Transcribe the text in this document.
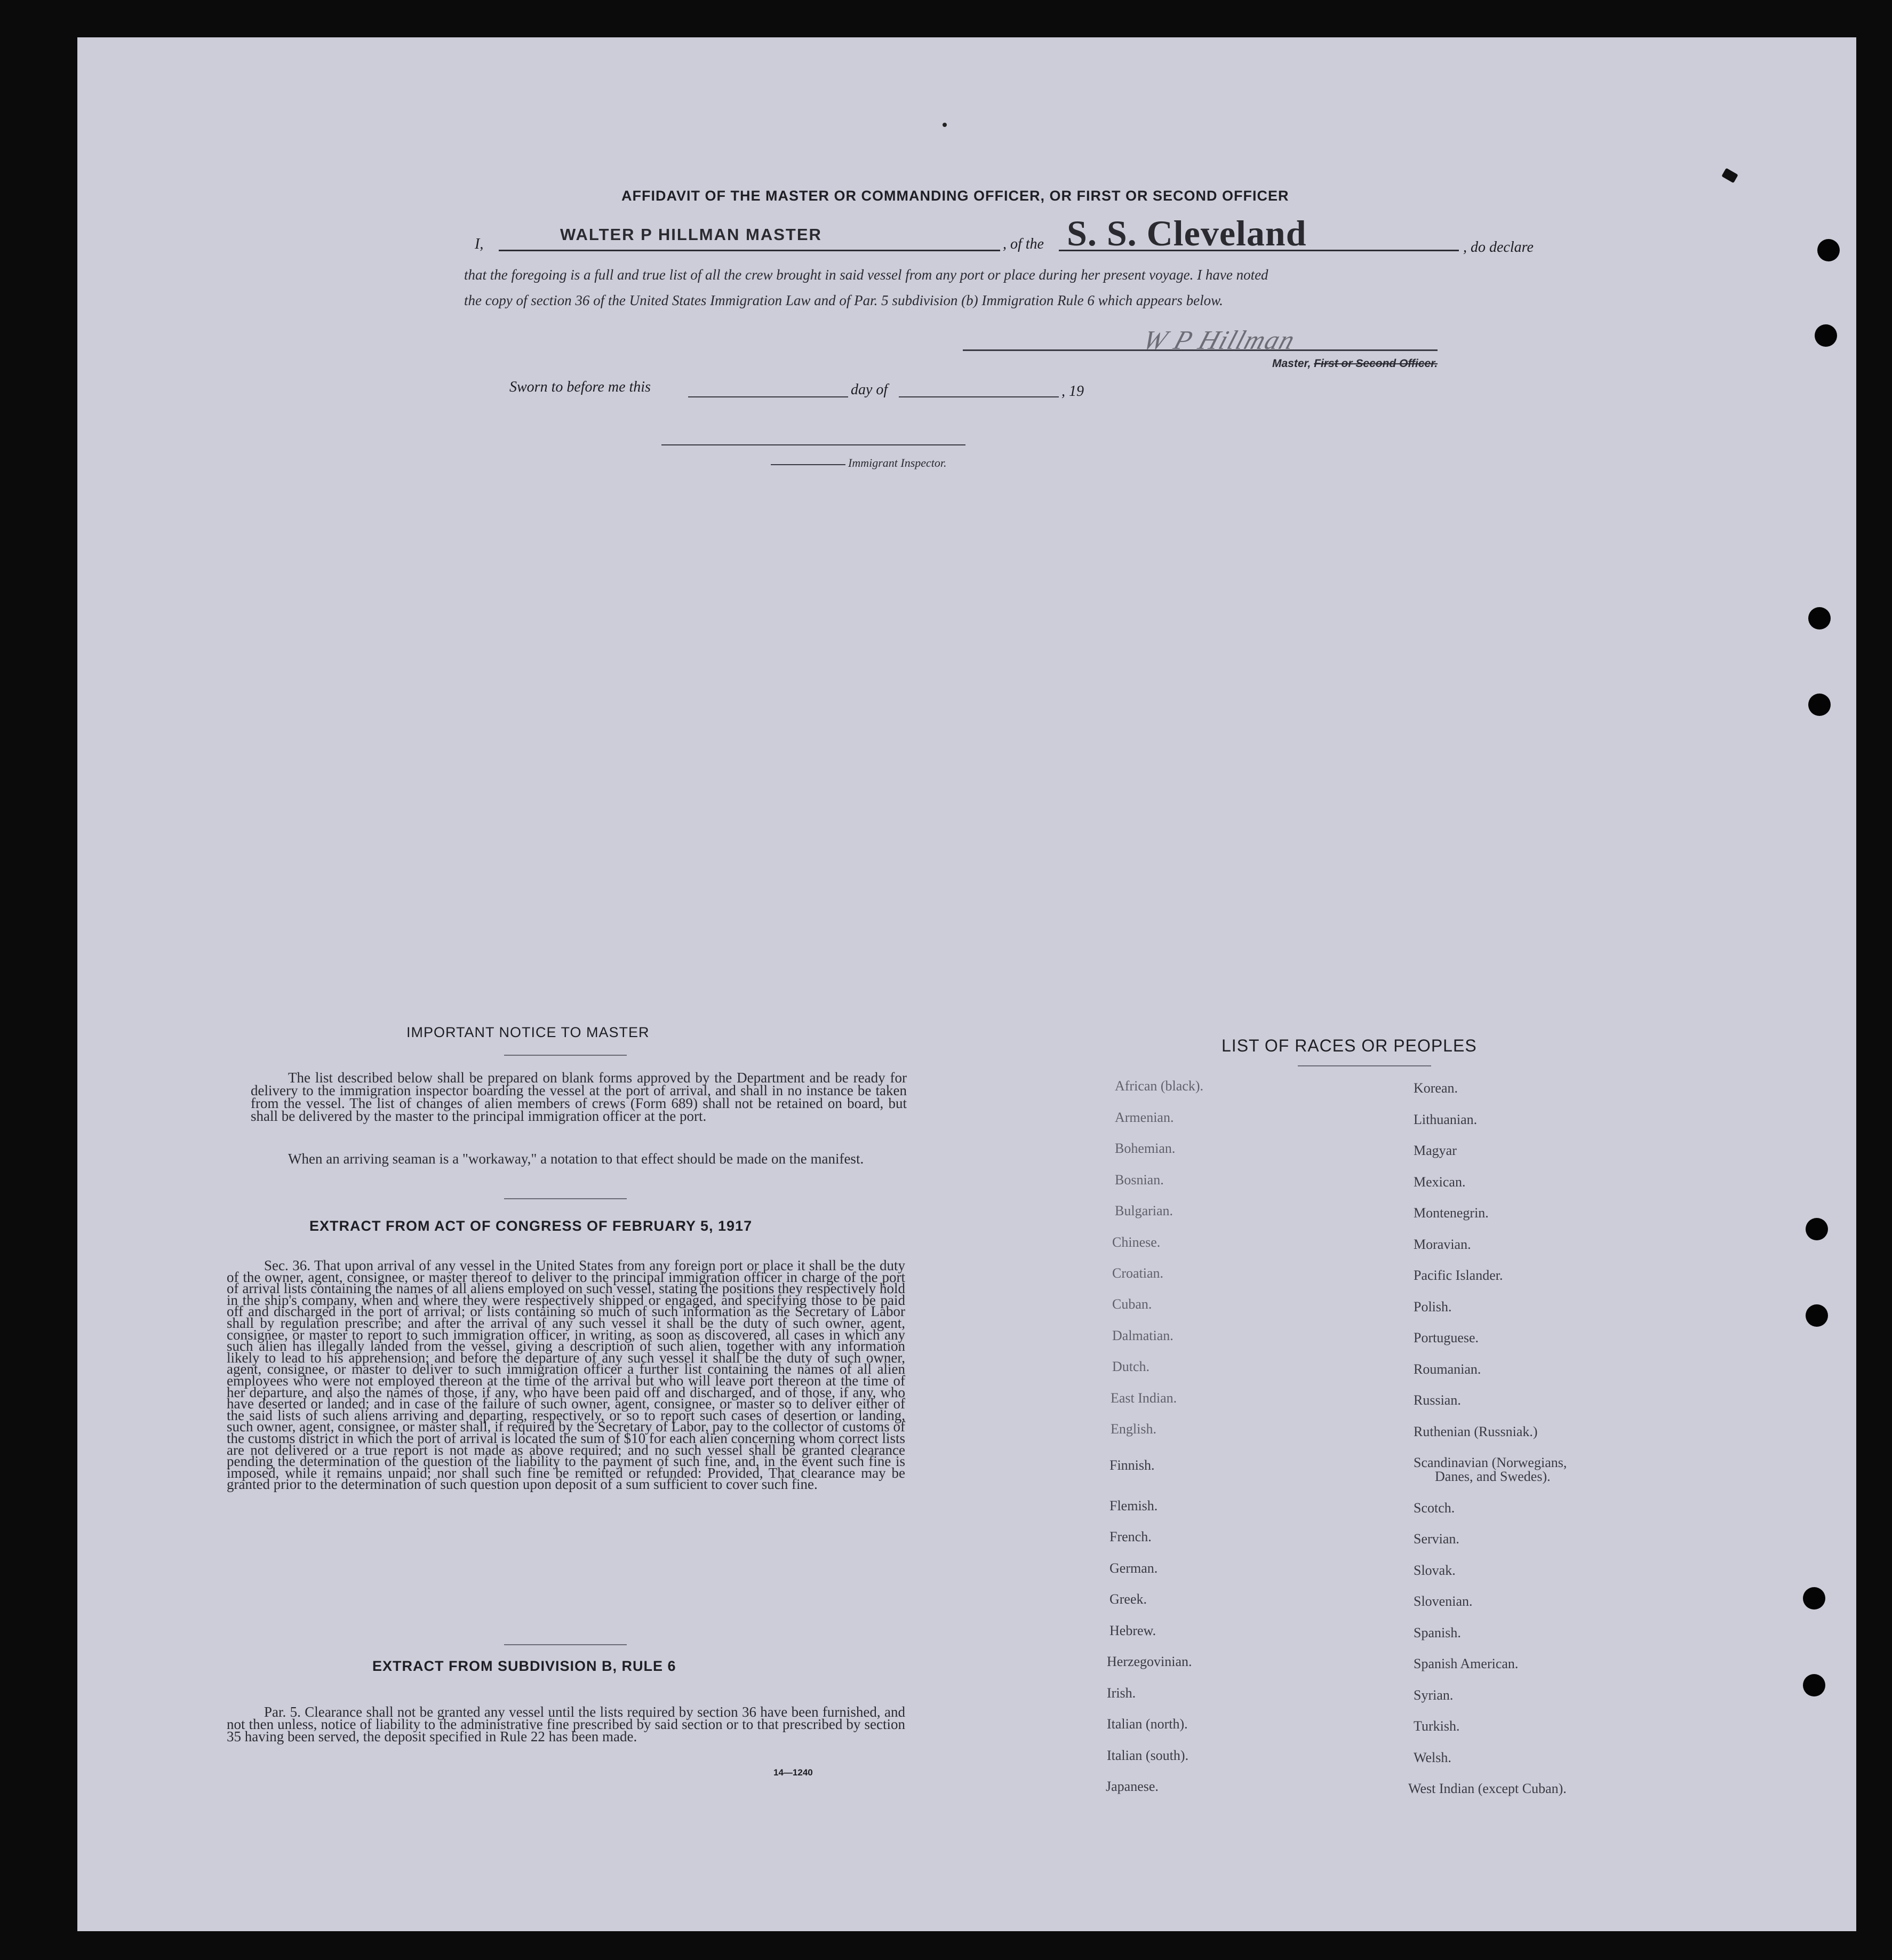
AFFIDAVIT OF THE MASTER OR COMMANDING OFFICER, OR FIRST OR SECOND OFFICER
I,
WALTER P HILLMAN MASTER
, of the S. S. Cleveland	, do declare
that the foregoing is a full and true list of all the crew brought in said vessel from any port or place during her present voyage. I have noted
the copy of section 36 of the United States Immigration Law and of Par. 5 subdivision (b) Immigration Rule 6 which appears below.
W P Hillman
Master, First or Second Officer.
Sworn to before me this	day of	, 19
Immigrant Inspector.
IMPORTANT NOTICE TO MASTER
The list described below shall be prepared on blank forms approved by the Department and be ready for delivery to the immigration inspector boarding the vessel at the port of arrival, and shall in no instance be taken from the vessel. The list of changes of alien members of crews (Form 689) shall not be retained on board, but shall be delivered by the master to the principal immigration officer at the port.
When an arriving seaman is a "workaway," a notation to that effect should be made on the manifest.
EXTRACT FROM ACT OF CONGRESS OF FEBRUARY 5, 1917
Sec. 36. That upon arrival of any vessel in the United States from any foreign port or place it shall be the duty of the owner, agent, consignee, or master thereof to deliver to the principal immigration officer in charge of the port of arrival lists containing the names of all aliens employed on such vessel, stating the positions they respectively hold in the ship's company, when and where they were respectively shipped or engaged, and specifying those to be paid off and discharged in the port of arrival; or lists containing so much of such information as the Secretary of Labor shall by regulation prescribe; and after the arrival of any such vessel it shall be the duty of such owner, agent, consignee, or master to report to such immigration officer, in writing, as soon as discovered, all cases in which any such alien has illegally landed from the vessel, giving a description of such alien, together with any information likely to lead to his apprehension; and before the departure of any such vessel it shall be the duty of such owner, agent, consignee, or master to deliver to such immigration officer a further list containing the names of all alien employees who were not employed thereon at the time of the arrival but who will leave port thereon at the time of her departure, and also the names of those, if any, who have been paid off and discharged, and of those, if any, who have deserted or landed; and in case of the failure of such owner, agent, consignee, or master so to deliver either of the said lists of such aliens arriving and departing, respectively, or so to report such cases of desertion or landing, such owner, agent, consignee, or master shall, if required by the Secretary of Labor, pay to the collector of customs of the customs district in which the port of arrival is located the sum of $10 for each alien concerning whom correct lists are not delivered or a true report is not made as above required; and no such vessel shall be granted clearance pending the determination of the question of the liability to the payment of such fine, and, in the event such fine is imposed, while it remains unpaid; nor shall such fine be remitted or refunded: Provided, That clearance may be granted prior to the determination of such question upon deposit of a sum sufficient to cover such fine.
EXTRACT FROM SUBDIVISION B, RULE 6
Par. 5. Clearance shall not be granted any vessel until the lists required by section 36 have been furnished, and not then unless, notice of liability to the administrative fine prescribed by said section or to that prescribed by section 35 having been served, the deposit specified in Rule 22 has been made.
14—1240
LIST OF RACES OR PEOPLES
African (black).
Armenian.
Bohemian.
Bosnian.
Bulgarian.
Chinese.
Croatian.
Cuban.
Dalmatian.
Dutch.
East Indian.
English.
Finnish.
Flemish.
French.
German.
Greek.
Hebrew.
Herzegovinian.
Irish.
Italian (north).
Italian (south).
Japanese.
Korean.
Lithuanian.
Magyar
Mexican.
Montenegrin.
Moravian.
Pacific Islander.
Polish.
Portuguese.
Roumanian.
Russian.
Ruthenian (Russniak.)
Scandinavian (Norwegians,
Danes, and Swedes).
Scotch.
Servian.
Slovak.
Slovenian.
Spanish.
Spanish American.
Syrian.
Turkish.
Welsh.
West Indian (except Cuban).
